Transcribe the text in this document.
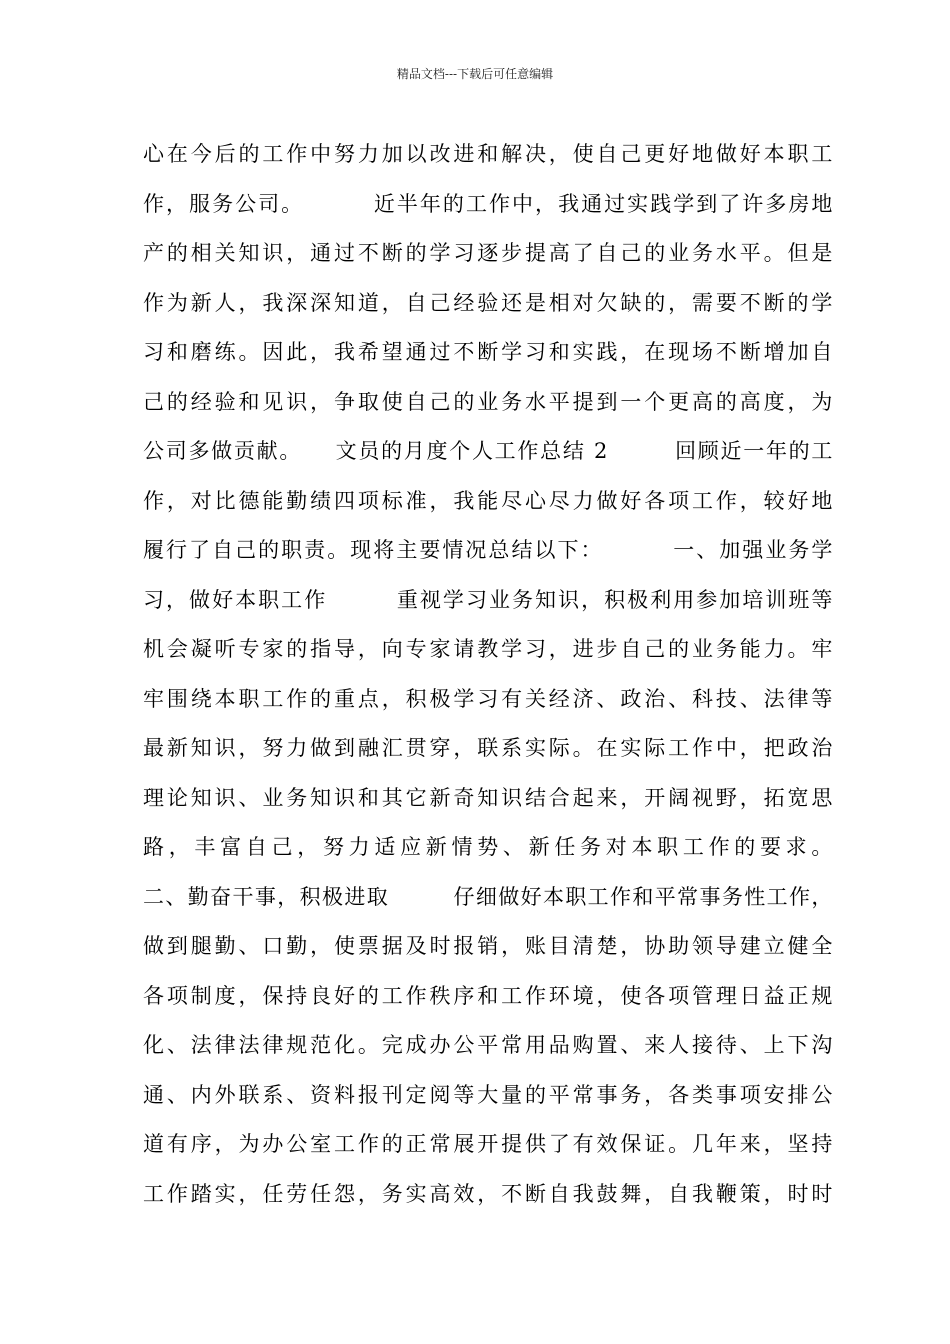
精品文档---下载后可任意编辑
心在今后的工作中努力加以改进和解决，使自己更好地做好本职工
作，服务公司。        近半年的工作中，我通过实践学到了许多房地
产的相关知识，通过不断的学习逐步提高了自己的业务水平。但是
作为新人，我深深知道，自己经验还是相对欠缺的，需要不断的学
习和磨练。因此，我希望通过不断学习和实践，在现场不断增加自
己的经验和见识，争取使自己的业务水平提到一个更高的高度，为
公司多做贡献。    文员的月度个人工作总结 2        回顾近一年的工
作，对比德能勤绩四项标准，我能尽心尽力做好各项工作，较好地
履行了自己的职责。现将主要情况总结以下：        一、加强业务学
习，做好本职工作        重视学习业务知识，积极利用参加培训班等
机会凝听专家的指导，向专家请教学习，进步自己的业务能力。牢
牢围绕本职工作的重点，积极学习有关经济、政治、科技、法律等
最新知识，努力做到融汇贯穿，联系实际。在实际工作中，把政治
理论知识、业务知识和其它新奇知识结合起来，开阔视野，拓宽思
路，丰富自己，努力适应新情势、新任务对本职工作的要求。
二、勤奋干事，积极进取        仔细做好本职工作和平常事务性工作，
做到腿勤、口勤，使票据及时报销，账目清楚，协助领导建立健全
各项制度，保持良好的工作秩序和工作环境，使各项管理日益正规
化、法律法律规范化。完成办公平常用品购置、来人接待、上下沟
通、内外联系、资料报刊定阅等大量的平常事务，各类事项安排公
道有序，为办公室工作的正常展开提供了有效保证。几年来，坚持
工作踏实，任劳任怨，务实高效，不断自我鼓舞，自我鞭策，时时
